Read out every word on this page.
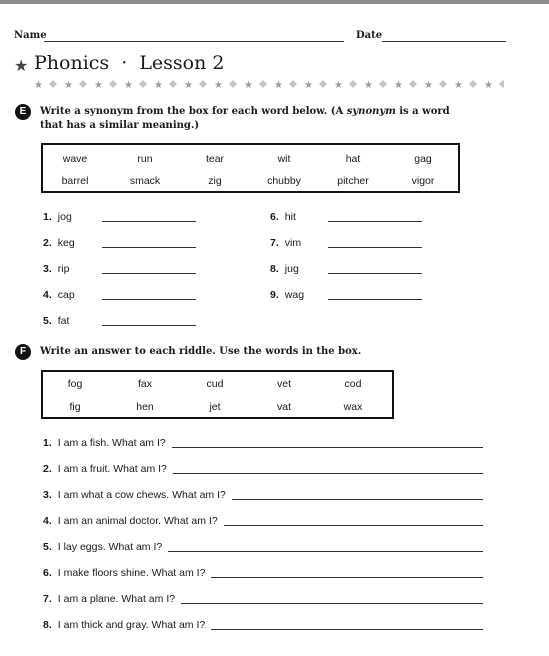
Name	Date
★ Phonics · Lesson 2
★ ★ ★ ★ ★ ★ ★ ★ ★ ★ ★ ★ ★ ★ ★ ★
E	Write a synonym from the box for each word below. (A synonym is a word that has a similar meaning.)
wave	run	tear	wit	hat	gag
barrel	smack	zig	chubby	pitcher	vigor
1. jog
2. keg
3. rip
4. cap
5. fat
6. hit
7. vim
8. jug
9. wag
F	Write an answer to each riddle. Use the words in the box.
fog	fax	cud	vet	cod
fig	hen	jet	vat	wax
1. I am a fish. What am I?
2. I am a fruit. What am I?
3. I am what a cow chews. What am I?
4. I am an animal doctor. What am I?
5. I lay eggs. What am I?
6. I make floors shine. What am I?
7. I am a plane. What am I?
8. I am thick and gray. What am I?
